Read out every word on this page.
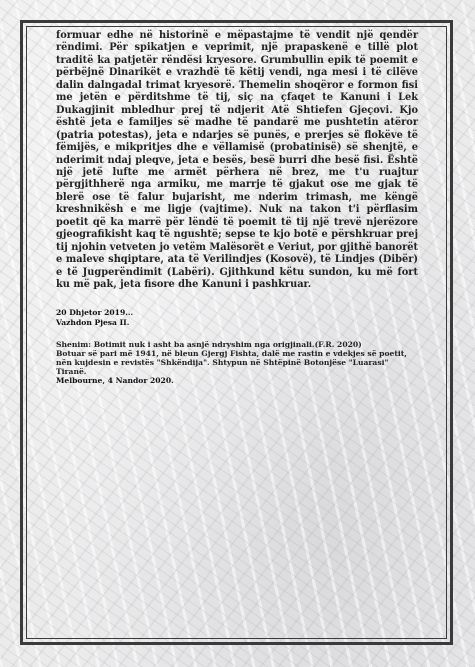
formuar edhe në historinë e mëpastajme të vendit një qendër rëndimi. Për spikatjen e veprimit, një prapaskenë e tillë plot traditë ka patjetër rëndësi kryesore. Grumbullin epik të poemit e përbëjnë Dinarikët e vrazhdë të këtij vendi, nga mesi i të cilëve dalin dalngadal trimat kryesorë. Themelin shoqëror e formon fisi me jetën e përditshme të tij, siç na çfaqet te Kanuni i Lek Dukagjinit mbledhur prej të ndjerit Atë Shtiefen Gjeçovi. Kjo është jeta e familjes së madhe të pandarë me pushtetin atëror (patria potestas), jeta e ndarjes së punës, e prerjes së flokëve të fëmijës, e mikpritjes dhe e vëllamisë (probatinisë) së shenjtë, e nderimit ndaj pleqve, jeta e besës, besë burri dhe besë fisi. Është një jetë lufte me armët përhera në brez, me t'u ruajtur përgjithherë nga armiku, me marrje të gjakut ose me gjak të blerë ose të falur bujarisht, me nderim trimash, me këngë kreshnikësh e me ligje (vajtime). Nuk na takon t'i përflasim poetit që ka marrë për lëndë të poemit të tij një trevë njerëzore gjeografikisht kaq të ngushtë; sepse te kjo botë e përshkruar prej tij njohin vetveten jo vetëm Malësorët e Veriut, por gjithë banorët e maleve shqiptare, ata të Verilindjes (Kosovë), të Lindjes (Dibër) e të Jugperëndimit (Labëri). Gjithkund këtu sundon, ku më fort ku më pak, jeta fisore dhe Kanuni i pashkruar.

20 Dhjetor 2019...
Vazhdon Pjesa II.

Shenim: Botimit nuk i asht ba asnjë ndryshim nga origjinali.(F.R. 2020)

Botuar së pari më 1941, në bleun Gjergj Fishta, dalë me rastin e vdekjes së poetit, nën kujdesin e revistës "Shkëndija". Shtypun në Shtëpinë Botonjëse "Luarasi" Tiranë.

Melbourne, 4 Nandor 2020.
